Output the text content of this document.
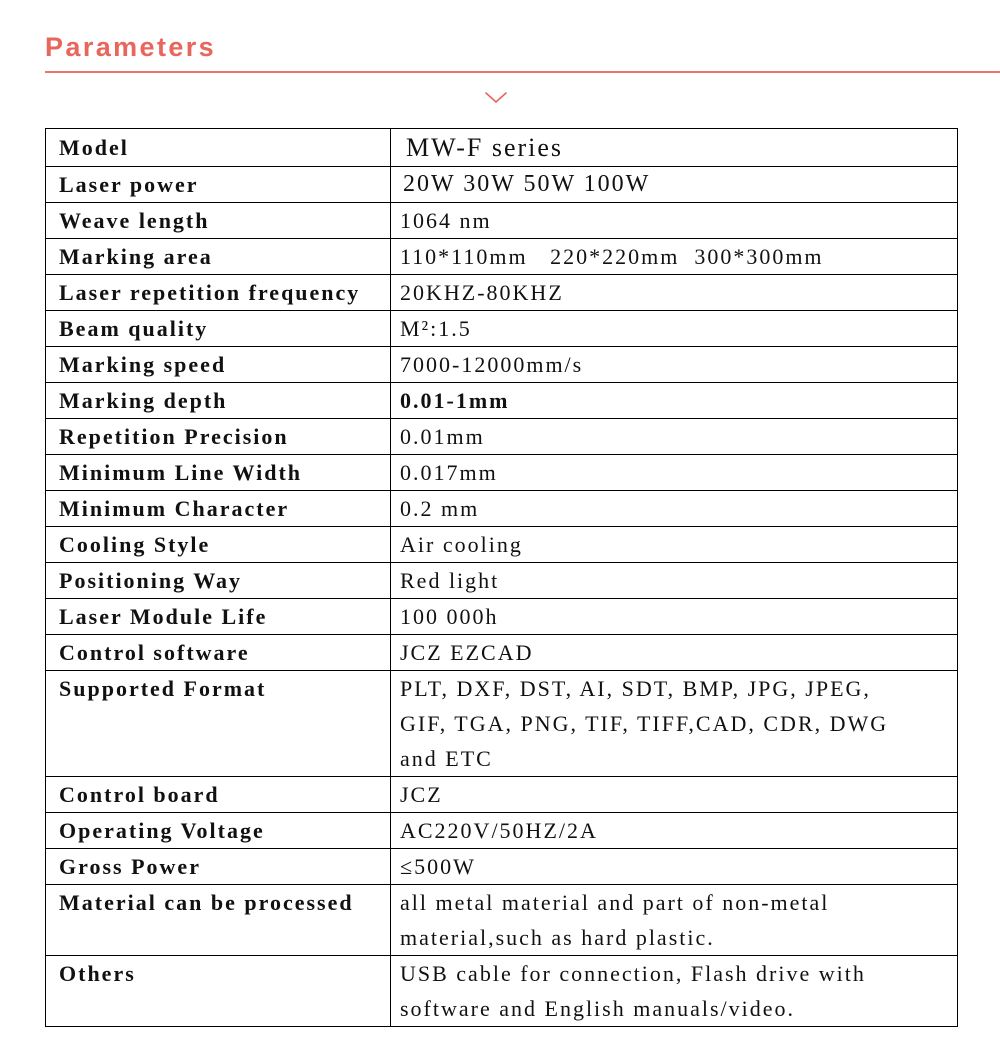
Parameters
Model	MW-F series

Laser power	20W 30W 50W 100W

Weave length	1064 nm

Marking area	110*110mm   220*220mm  300*300mm

Laser repetition frequency	20KHZ-80KHZ

Beam quality	M²:1.5

Marking speed	7000-12000mm/s

Marking depth	0.01-1mm

Repetition Precision	0.01mm

Minimum Line Width	0.017mm

Minimum Character	0.2 mm

Cooling Style	Air cooling

Positioning Way	Red light

Laser Module Life	100 000h

Control software	JCZ EZCAD

Supported Format	PLT, DXF, DST, AI, SDT, BMP, JPG, JPEG,
GIF, TGA, PNG, TIF, TIFF,CAD, CDR, DWG
and ETC

Control board	JCZ

Operating Voltage	AC220V/50HZ/2A

Gross Power	≤500W

Material can be processed	all metal material and part of non-metal
material,such as hard plastic.

Others	USB cable for connection, Flash drive with
software and English manuals/video.
